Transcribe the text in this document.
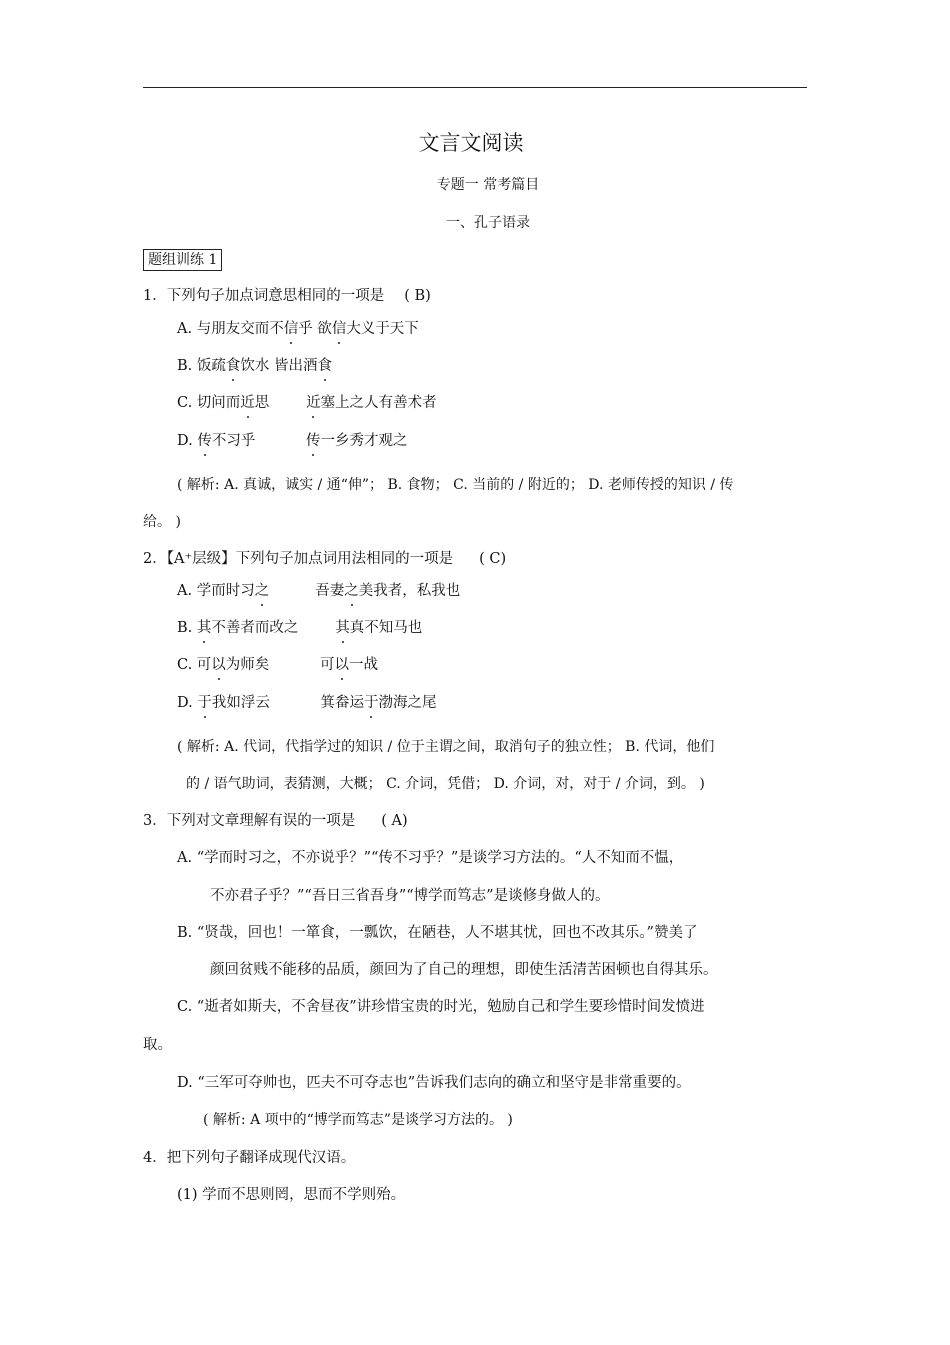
文言文阅读
专题一 常考篇目
一、孔子语录
题组训练 1
1．下列句子加点词意思相同的一项是 ( B)
A. 与朋友交而不信乎 欲信大义于天下
B. 饭疏食饮水 皆出酒食
C. 切问而近思        近塞上之人有善术者
D. 传不习乎           传一乡秀才观之
( 解析: A. 真诚，诚实 / 通“伸”； B. 食物； C. 当前的 / 附近的； D. 老师传授的知识 / 传
给。 )
2．【A⁺层级】下列句子加点词用法相同的一项是 ( C)
A. 学而时习之          吾妻之美我者，私我也
B. 其不善者而改之        其真不知马也
C. 可以为师矣           可以一战
D. 于我如浮云           箕畚运于渤海之尾
( 解析: A. 代词，代指学过的知识 / 位于主谓之间，取消句子的独立性； B. 代词，他们
的 / 语气助词，表猜测，大概； C. 介词，凭借； D. 介词，对，对于 / 介词，到。 )
3．下列对文章理解有误的一项是 ( A)
A. “学而时习之，不亦说乎？”“传不习乎？”是谈学习方法的。“人不知而不愠，
不亦君子乎？”“吾日三省吾身”“博学而笃志”是谈修身做人的。
B. “贤哉，回也！一箪食，一瓢饮，在陋巷，人不堪其忧，回也不改其乐。”赞美了
颜回贫贱不能移的品质，颜回为了自己的理想，即使生活清苦困顿也自得其乐。
C. “逝者如斯夫，不舍昼夜”讲珍惜宝贵的时光，勉励自己和学生要珍惜时间发愤进
取。
D. “三军可夺帅也，匹夫不可夺志也”告诉我们志向的确立和坚守是非常重要的。
( 解析: A 项中的“博学而笃志”是谈学习方法的。 )
4．把下列句子翻译成现代汉语。
(1) 学而不思则罔，思而不学则殆。
